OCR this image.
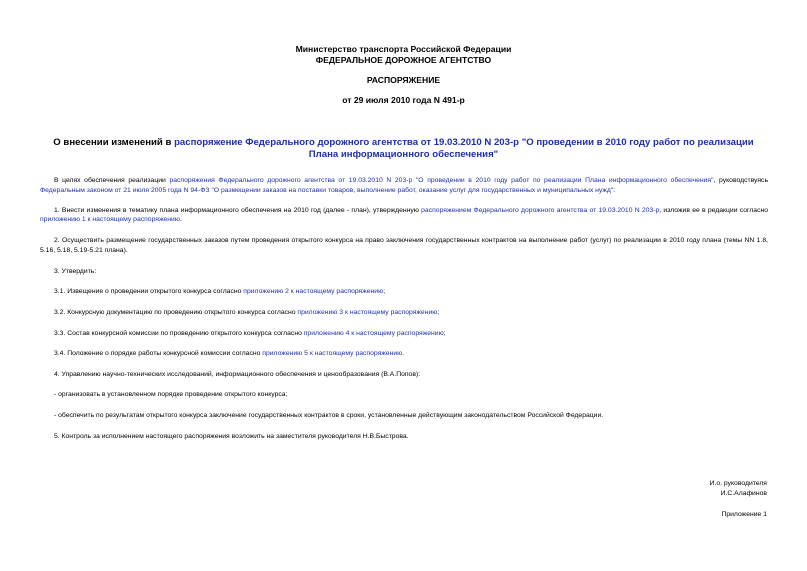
Министерство транспорта Российской Федерации
ФЕДЕРАЛЬНОЕ ДОРОЖНОЕ АГЕНТСТВО
РАСПОРЯЖЕНИЕ
от 29 июля 2010 года N 491-р
О внесении изменений в распоряжение Федерального дорожного агентства от 19.03.2010 N 203-р "О проведении в 2010 году работ по реализации Плана информационного обеспечения"

В целях обеспечения реализации распоряжения Федерального дорожного агентства от 19.03.2010 N 203-р "О проведении в 2010 году работ по реализации Плана информационного обеспечения", руководствуясь Федеральным законом от 21 июля 2005 года N 94-ФЗ "О размещении заказов на поставки товаров, выполнение работ, оказание услуг для государственных и муниципальных нужд":

1. Внести изменения в тематику плана информационного обеспечения на 2010 год (далее - план), утвержденную распоряжением Федерального дорожного агентства от 19.03.2010 N 203-р, изложив ее в редакции согласно приложению 1 к настоящему распоряжению.

2. Осуществить размещение государственных заказов путем проведения открытого конкурса на право заключения государственных контрактов на выполнение работ (услуг) по реализации в 2010 году плана (темы NN 1.8, 5.16, 5.18, 5.19-5.21 плана).

3. Утвердить:

3.1. Извещение о проведении открытого конкурса согласно приложению 2 к настоящему распоряжению;

3.2. Конкурсную документацию по проведению открытого конкурса согласно приложению 3 к настоящему распоряжению;

3.3. Состав конкурсной комиссии по проведению открытого конкурса согласно приложению 4 к настоящему распоряжению;

3.4. Положение о порядке работы конкурсной комиссии согласно приложению 5 к настоящему распоряжению.

4. Управлению научно-технических исследований, информационного обеспечения и ценообразования (В.А.Попов):

- организовать в установленном порядке проведение открытого конкурса;

- обеспечить по результатам открытого конкурса заключение государственных контрактов в сроки, установленные действующим законодательством Российской Федерации.

5. Контроль за исполнением настоящего распоряжения возложить на заместителя руководителя Н.В.Быстрова.

И.о. руководителя
И.С.Алафинов
Приложение 1
